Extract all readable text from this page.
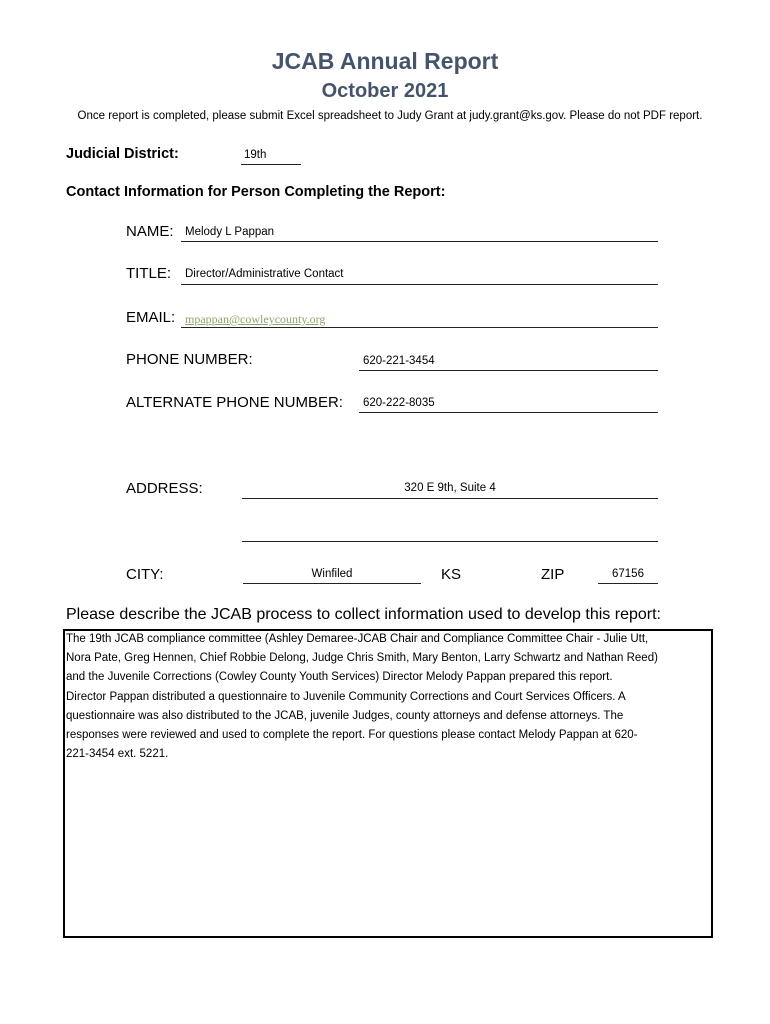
JCAB Annual Report
October 2021
Once report is completed, please submit Excel spreadsheet to Judy Grant at judy.grant@ks.gov. Please do not PDF report.
Judicial District:	19th
Contact Information for Person Completing the Report:
NAME: Melody L Pappan
TITLE: Director/Administrative Contact
EMAIL: mpappan@cowleycounty.org
PHONE NUMBER:	620-221-3454
ALTERNATE PHONE NUMBER: 620-222-8035
ADDRESS:	320 E 9th, Suite 4
CITY:	Winfiled	KS	ZIP	67156
Please describe the JCAB process to collect information used to develop this report:
The 19th JCAB compliance committee (Ashley Demaree-JCAB Chair and Compliance Committee Chair - Julie Utt,
Nora Pate, Greg Hennen, Chief Robbie Delong, Judge Chris Smith, Mary Benton, Larry Schwartz and Nathan Reed)
and the Juvenile Corrections (Cowley County Youth Services) Director Melody Pappan prepared this report.
Director Pappan distributed a questionnaire to Juvenile Community Corrections and Court Services Officers. A
questionnaire was also distributed to the JCAB, juvenile Judges, county attorneys and defense attorneys. The
responses were reviewed and used to complete the report. For questions please contact Melody Pappan at 620-
221-3454 ext. 5221.
